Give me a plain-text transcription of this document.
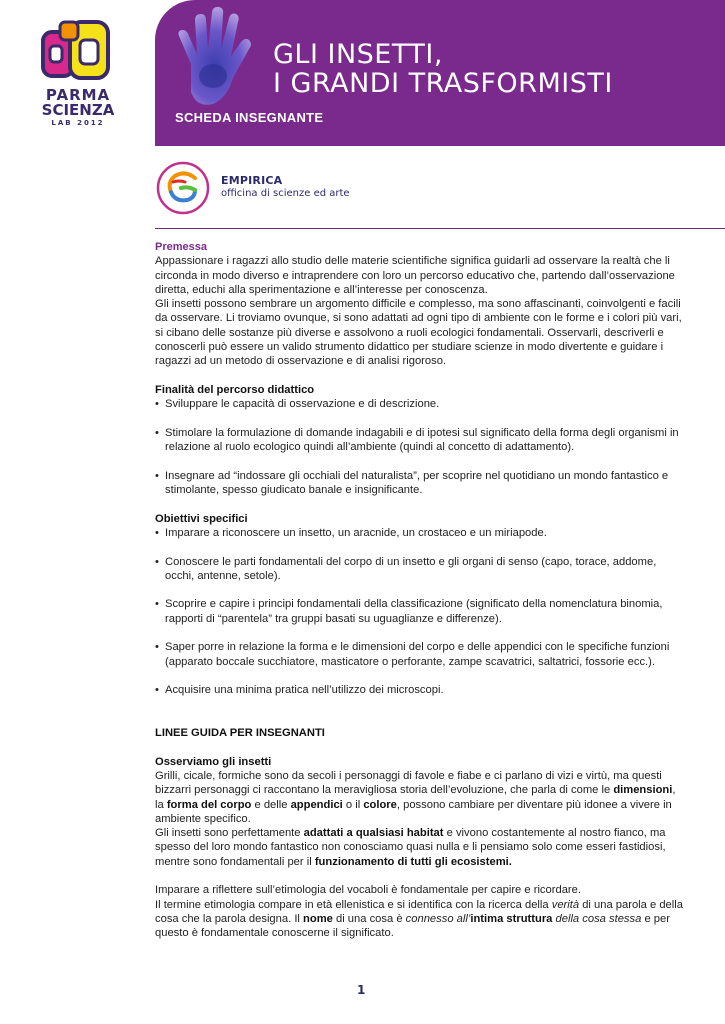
PARMA
SCIENZA
LAB 2012
GLI INSETTI,
I GRANDI TRASFORMISTI
SCHEDA INSEGNANTE
EMPIRICA
officina di scienze ed arte

Premessa

Appassionare i ragazzi allo studio delle materie scientifiche significa guidarli ad osservare la realtà che li circonda in modo diverso e intraprendere con loro un percorso educativo che, partendo dall’osservazione diretta, educhi alla sperimentazione e all’interesse per conoscenza.

Gli insetti possono sembrare un argomento difficile e complesso, ma sono affascinanti, coinvolgenti e facili da osservare. Li troviamo ovunque, si sono adattati ad ogni tipo di ambiente con le forme e i colori più vari, si cibano delle sostanze più diverse e assolvono a ruoli ecologici fondamentali. Osservarli, descriverli e conoscerli può essere un valido strumento didattico per studiare scienze in modo divertente e guidare i ragazzi ad un metodo di osservazione e di analisi rigoroso.

Finalità del percorso didattico

• Sviluppare le capacità di osservazione e di descrizione.

• Stimolare la formulazione di domande indagabili e di ipotesi sul significato della forma degli organismi in relazione al ruolo ecologico quindi all’ambiente (quindi al concetto di adattamento).

• Insegnare ad “indossare gli occhiali del naturalista”, per scoprire nel quotidiano un mondo fantastico e stimolante, spesso giudicato banale e insignificante.

Obiettivi specifici

• Imparare a riconoscere un insetto, un aracnide, un crostaceo e un miriapode.

• Conoscere le parti fondamentali del corpo di un insetto e gli organi di senso (capo, torace, addome, occhi, antenne, setole).

• Scoprire e capire i principi fondamentali della classificazione (significato della nomenclatura binomia, rapporti di “parentela” tra gruppi basati su uguaglianze e differenze).

• Saper porre in relazione la forma e le dimensioni del corpo e delle appendici con le specifiche funzioni (apparato boccale succhiatore, masticatore o perforante, zampe scavatrici, saltatrici, fossorie ecc.).

• Acquisire una minima pratica nell’utilizzo dei microscopi.

LINEE GUIDA PER INSEGNANTI

Osserviamo gli insetti

Grilli, cicale, formiche sono da secoli i personaggi di favole e fiabe e ci parlano di vizi e virtù, ma questi bizzarri personaggi ci raccontano la meravigliosa storia dell’evoluzione, che parla di come le dimensioni, la forma del corpo e delle appendici o il colore, possono cambiare per diventare più idonee a vivere in ambiente specifico.

Gli insetti sono perfettamente adattati a qualsiasi habitat e vivono costantemente al nostro fianco, ma spesso del loro mondo fantastico non conosciamo quasi nulla e li pensiamo solo come esseri fastidiosi, mentre sono fondamentali per il funzionamento di tutti gli ecosistemi.

Imparare a riflettere sull’etimologia del vocaboli è fondamentale per capire e ricordare.

Il termine etimologia compare in età ellenistica e si identifica con la ricerca della verità di una parola e della cosa che la parola designa. Il nome di una cosa è connesso all’intima struttura della cosa stessa e per questo è fondamentale conoscerne il significato.

1
